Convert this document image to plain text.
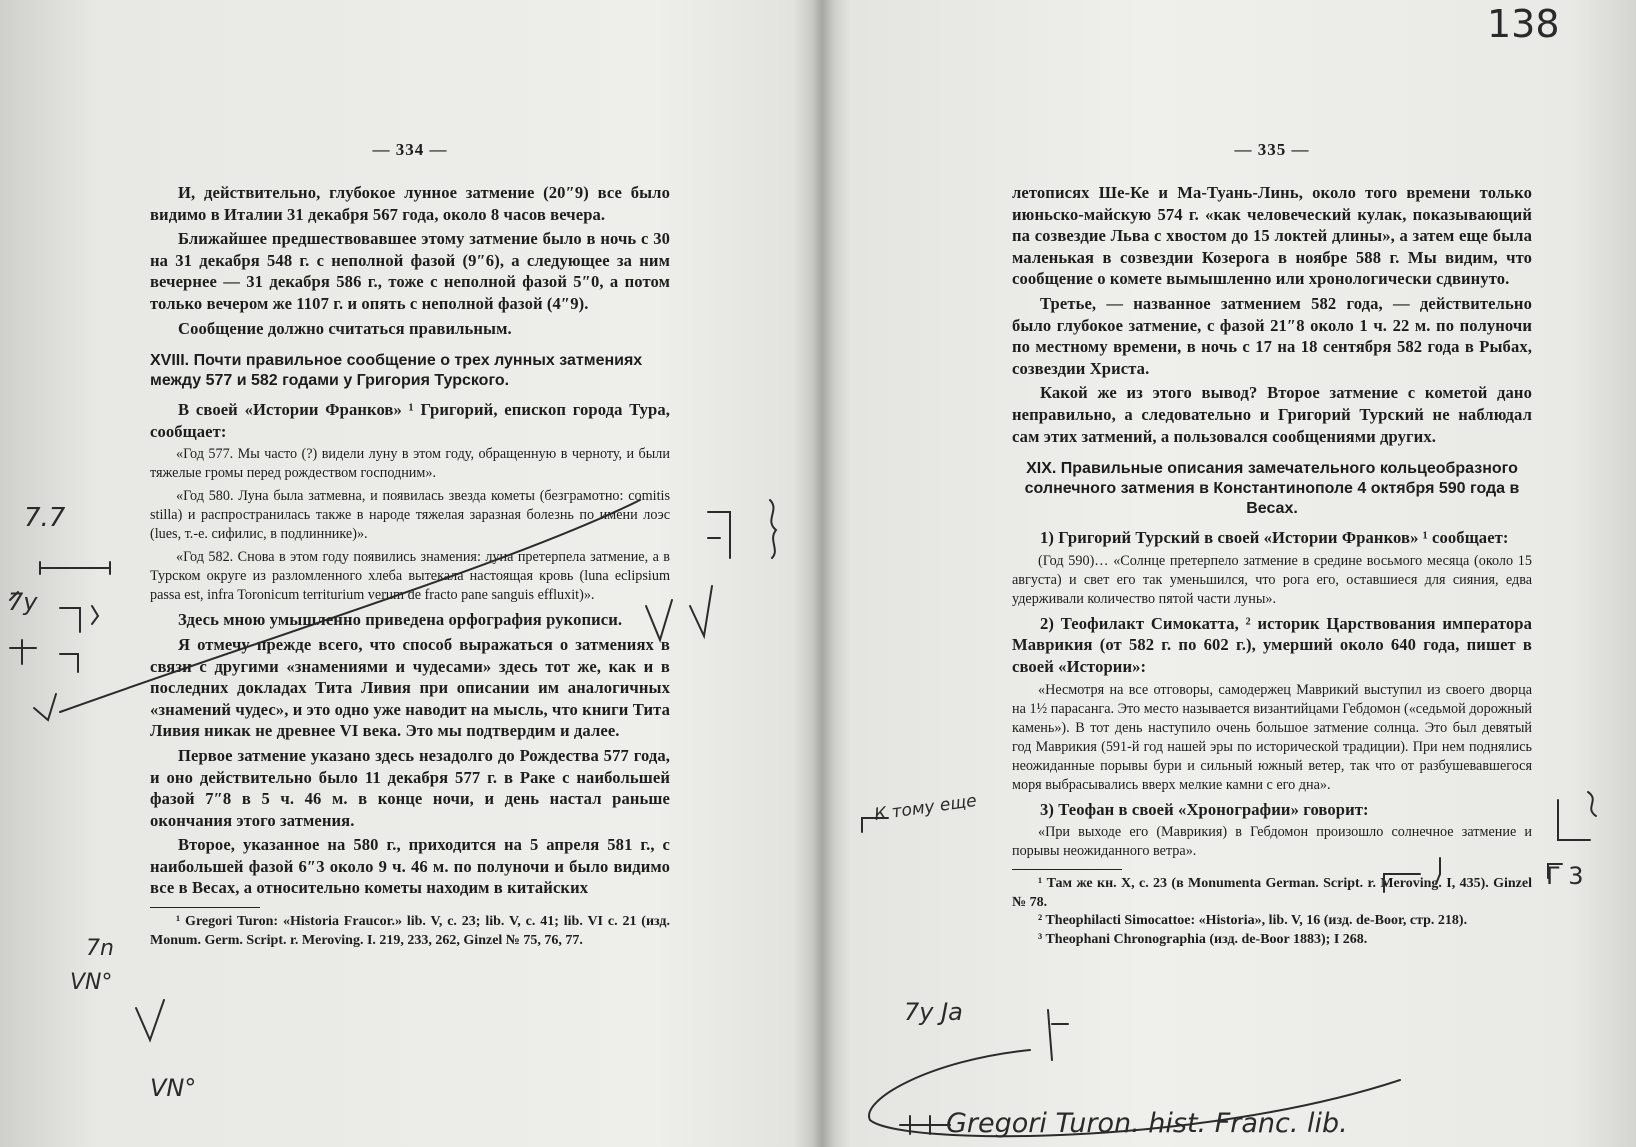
138
— 334 —

И, действительно, глубокое лунное затмение (20″9) все было видимо в Италии 31 декабря 567 года, около 8 часов вечера.

Ближайшее предшествовавшее этому затмение было в ночь с 30 на 31 декабря 548 г. с неполной фазой (9″6), а следующее за ним вечернее — 31 декабря 586 г., тоже с неполной фазой 5″0, а потом только вечером же 1107 г. и опять с неполной фазой (4″9).

Сообщение должно считаться правильным.

XVIII. Почти правильное сообщение о трех лунных затмениях между 577 и 582 годами у Григория Турского.

В своей «Истории Франков» ¹ Григорий, епископ города Тура, сообщает:

«Год 577. Мы часто (?) видели луну в этом году, обращенную в черноту, и были тяжелые громы перед рождеством господним».

«Год 580. Луна была затмевна, и появилась звезда кометы (безграмотно: comitis stilla) и распространилась также в народе тяжелая заразная болезнь по имени лоэс (lues, т.-е. сифилис, в подлиннике)».

«Год 582. Снова в этом году появились знамения: луна претерпела затмение, а в Турском округе из разломленного хлеба вытекала настоящая кровь (luna eclipsium passa est, infra Toronicum territurium verum de fracto pane sanguis effluxit)».

Здесь мною умышленно приведена орфография рукописи.

Я отмечу прежде всего, что способ выражаться о затмениях в связи с другими «знамениями и чудесами» здесь тот же, как и в последних докладах Тита Ливия при описании им аналогичных «знамений чудес», и это одно уже наводит на мысль, что книги Тита Ливия никак не древнее VI века. Это мы подтвердим и далее.

Первое затмение указано здесь незадолго до Рождества 577 года, и оно действительно было 11 декабря 577 г. в Раке с наибольшей фазой 7″8 в 5 ч. 46 м. в конце ночи, и день настал раньше окончания этого затмения.

Второе, указанное на 580 г., приходится на 5 апреля 581 г., с наибольшей фазой 6″3 около 9 ч. 46 м. по полуночи и было видимо все в Весах, а относительно кометы находим в китайских

¹ Gregori Turon: «Historia Fraucor.» lib. V, c. 23; lib. V, c. 41; lib. VI c. 21 (изд. Monum. Germ. Script. r. Meroving. I. 219, 233, 262, Ginzel № 75, 76, 77.

— 335 —

летописях Ше-Ке и Ма-Туань-Линь, около того времени только июньско-майскую 574 г. «как человеческий кулак, показывающий па созвездие Льва с хвостом до 15 локтей длины», а затем еще была маленькая в созвездии Козерога в ноябре 588 г. Мы видим, что сообщение о комете вымышленно или хронологически сдвинуто.

Третье, — названное затмением 582 года, — действительно было глубокое затмение, с фазой 21″8 около 1 ч. 22 м. по полуночи по местному времени, в ночь с 17 на 18 сентября 582 года в Рыбах, созвездии Христа.

Какой же из этого вывод? Второе затмение с кометой дано неправильно, а следовательно и Григорий Турский не наблюдал сам этих затмений, а пользовался сообщениями других.

XIX. Правильные описания замечательного кольцеобразного солнечного затмения в Константинополе 4 октября 590 года в Весах.

1) Григорий Турский в своей «Истории Франков» ¹ сообщает:

(Год 590)… «Солнце претерпело затмение в средине восьмого месяца (около 15 августа) и свет его так уменьшился, что рога его, оставшиеся для сияния, едва удерживали количество пятой части луны».

2) Теофилакт Симокатта, ² историк Царствования императора Маврикия (от 582 г. по 602 г.), умерший около 640 года, пишет в своей «Истории»:

«Несмотря на все отговоры, самодержец Маврикий выступил из своего дворца на 1½ парасанга. Это место называется византийцами Гебдомон («седьмой дорожный камень»). В тот день наступило очень большое затмение солнца. Это был девятый год Маврикия (591-й год нашей эры по исторической традиции). При нем поднялись неожиданные порывы бури и сильный южный ветер, так что от разбушевавшегося моря выбрасывались вверх мелкие камни с его дна».

3) Теофан в своей «Хронографии» говорит:

«При выходе его (Маврикия) в Гебдомон произошло солнечное затмение и порывы неожиданного ветра».

¹ Там же кн. X, с. 23 (в Monumenta German. Script. r. Meroving. I, 435). Ginzel № 78.

² Theophilacti Simocattoe: «Historia», lib. V, 16 (изд. de-Boor, стр. 218).

³ Theophani Chronographia (изд. de-Boor 1883); I 268.

7.7
7y
7n
VN°
VN°
К тому еще
Г 3
7y Ja
Gregori Turon. hist. Franc. lib.
